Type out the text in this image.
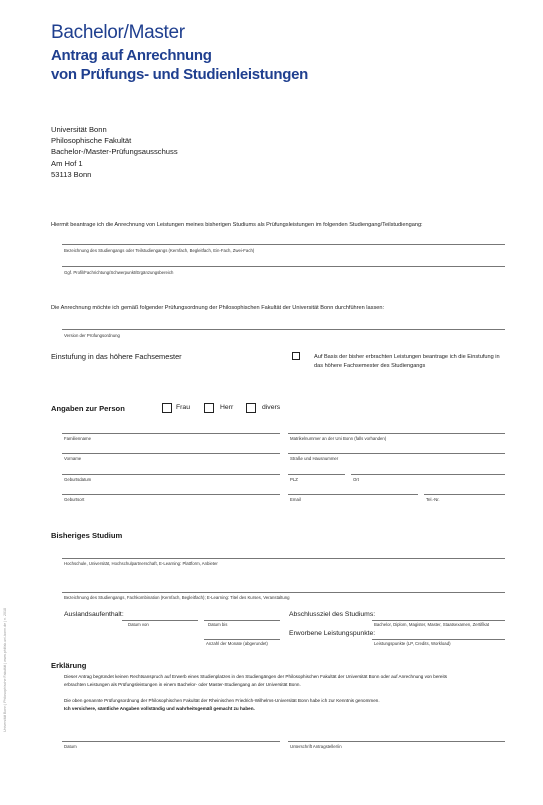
Bachelor/Master
Antrag auf Anrechnung
von Prüfungs- und Studienleistungen
Universität Bonn
Philosophische Fakultät
Bachelor-/Master-Prüfungsausschuss
Am Hof 1
53113 Bonn
Hiermit beantrage ich die Anrechnung von Leistungen meines bisherigen Studiums als Prüfungsleistungen im folgenden Studiengang/Teilstudiengang:
Bezeichnung des Studiengangs oder Teilstudiengangs (Kernfach, Begleitfach, Ein-Fach, Zwei-Fach)
Ggf. Profil/Fachrichtung/Schwerpunkt/Ergänzungsbereich
Die Anrechnung möchte ich gemäß folgender Prüfungsordnung der Philosophischen Fakultät der Universität Bonn durchführen lassen:
Version der Prüfungsordnung
Einstufung in das höhere Fachsemester	Auf Basis der bisher erbrachten Leistungen beantrage ich die Einstufung in
das höhere Fachsemester des Studiengangs
Angaben zur Person	Frau	Herr	divers
Familienname	Matrikelnummer an der Uni Bonn (falls vorhanden)
Vorname	Straße und Hausnummer
Geburtsdatum	PLZ	Ort
Geburtsort	Email	Tel.-Nr.
Bisheriges Studium
Hochschule, Universität, Hochschulpartnerschaft, E-Learning: Plattform, Anbieter
Bezeichnung des Studiengangs, Fachkombination (Kernfach, Begleitfach); E-Learning: Titel des Kurses, Veranstaltung
Auslandsaufenthalt:
Datum von	Datum bis
Anzahl der Monate (abgerundet)
Abschlussziel des Studiums:
Bachelor, Diplom, Magister, Master, Staatsexamen, Zertifikat
Erworbene Leistungspunkte:
Leistungspunkte (LP, Credits, Workload)
Erklärung
Dieser Antrag begründet keinen Rechtsanspruch auf Erwerb eines Studienplatzes in den Studiengängen der Philosophischen Fakultät der Universität Bonn oder auf Anrechnung von bereits
erbrachten Leistungen als Prüfungsleistungen in einem Bachelor- oder Master-Studiengang an der Universität Bonn.
Die oben genannte Prüfungsordnung der Philosophischen Fakultät der Rheinischen Friedrich-Wilhelms-Universität Bonn habe ich zur Kenntnis genommen.
Ich versichere, sämtliche Angaben vollständig und wahrheitsgemäß gemacht zu haben.
Datum	Unterschrift Antragsteller/in
Universität Bonn | Philosophische Fakultät | www.philfak.uni-bonn.de | n. 2018
